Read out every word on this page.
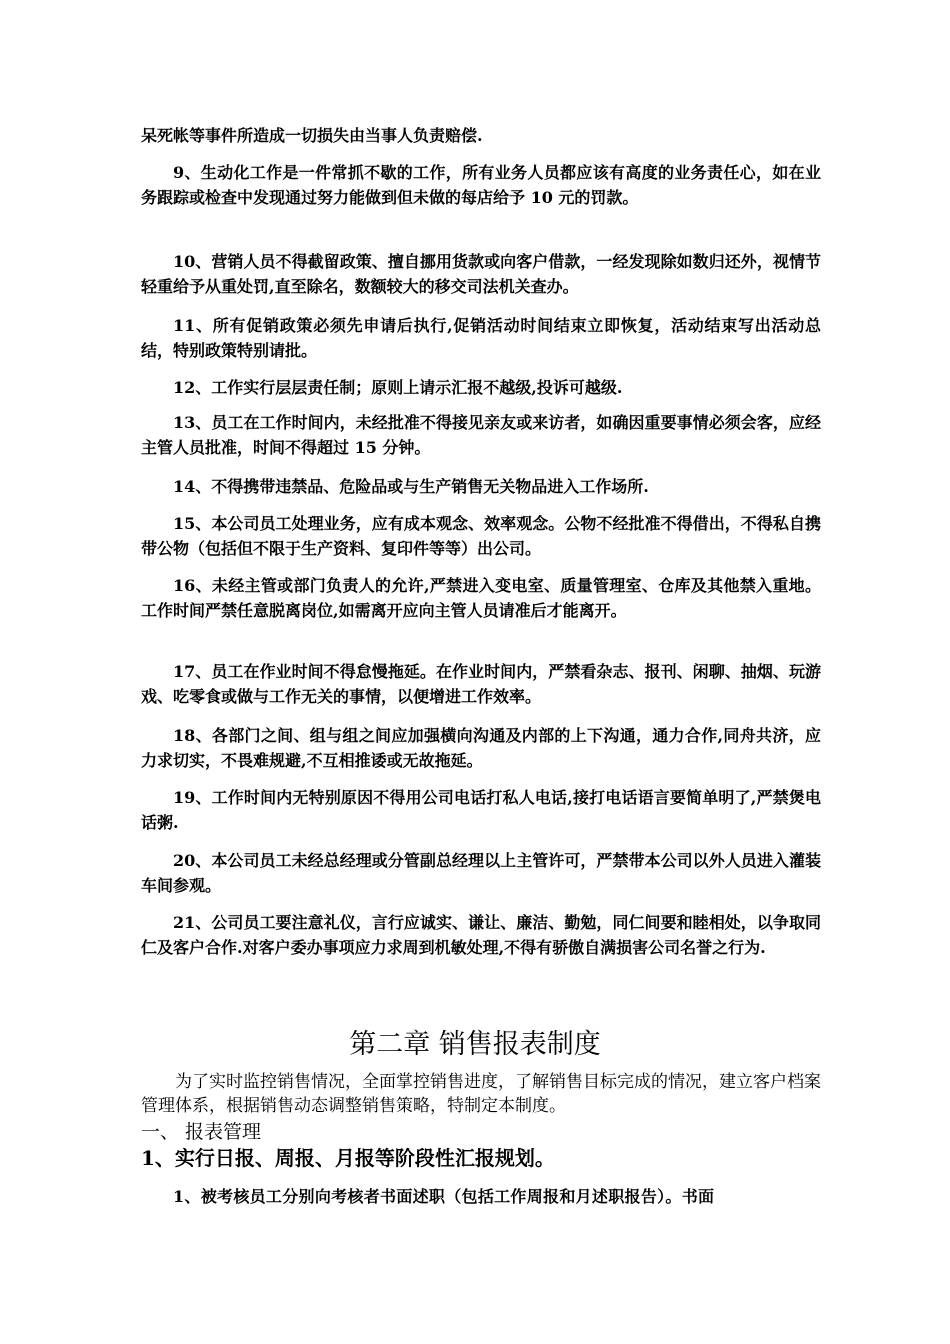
呆死帐等事件所造成一切损失由当事人负责赔偿.
9、生动化工作是一件常抓不歇的工作，所有业务人员都应该有高度的业务责任心，如在业务跟踪或检查中发现通过努力能做到但未做的每店给予 10 元的罚款。
10、营销人员不得截留政策、擅自挪用货款或向客户借款，一经发现除如数归还外，视情节轻重给予从重处罚,直至除名，数额较大的移交司法机关查办。
11、所有促销政策必须先申请后执行,促销活动时间结束立即恢复，活动结束写出活动总结，特别政策特别请批。
12、工作实行层层责任制；原则上请示汇报不越级,投诉可越级.
13、员工在工作时间内，未经批准不得接见亲友或来访者，如确因重要事情必须会客，应经主管人员批准，时间不得超过 15 分钟。
14、不得携带违禁品、危险品或与生产销售无关物品进入工作场所.
15、本公司员工处理业务，应有成本观念、效率观念。公物不经批准不得借出，不得私自携带公物（包括但不限于生产资料、复印件等等）出公司。
16、未经主管或部门负责人的允许,严禁进入变电室、质量管理室、仓库及其他禁入重地。工作时间严禁任意脱离岗位,如需离开应向主管人员请准后才能离开。
17、员工在作业时间不得怠慢拖延。在作业时间内，严禁看杂志、报刊、闲聊、抽烟、玩游戏、吃零食或做与工作无关的事情，以便增进工作效率。
18、各部门之间、组与组之间应加强横向沟通及内部的上下沟通，通力合作,同舟共济，应力求切实，不畏难规避,不互相推诿或无故拖延。
19、工作时间内无特别原因不得用公司电话打私人电话,接打电话语言要简单明了,严禁煲电话粥.
20、本公司员工未经总经理或分管副总经理以上主管许可，严禁带本公司以外人员进入灌装车间参观。
21、公司员工要注意礼仪，言行应诚实、谦让、廉洁、勤勉，同仁间要和睦相处，以争取同仁及客户合作.对客户委办事项应力求周到机敏处理,不得有骄傲自满损害公司名誉之行为.
第二章 销售报表制度
为了实时监控销售情况，全面掌控销售进度，了解销售目标完成的情况，建立客户档案管理体系，根据销售动态调整销售策略，特制定本制度。
一、 报表管理
1、实行日报、周报、月报等阶段性汇报规划。
1、被考核员工分别向考核者书面述职（包括工作周报和月述职报告）。书面
